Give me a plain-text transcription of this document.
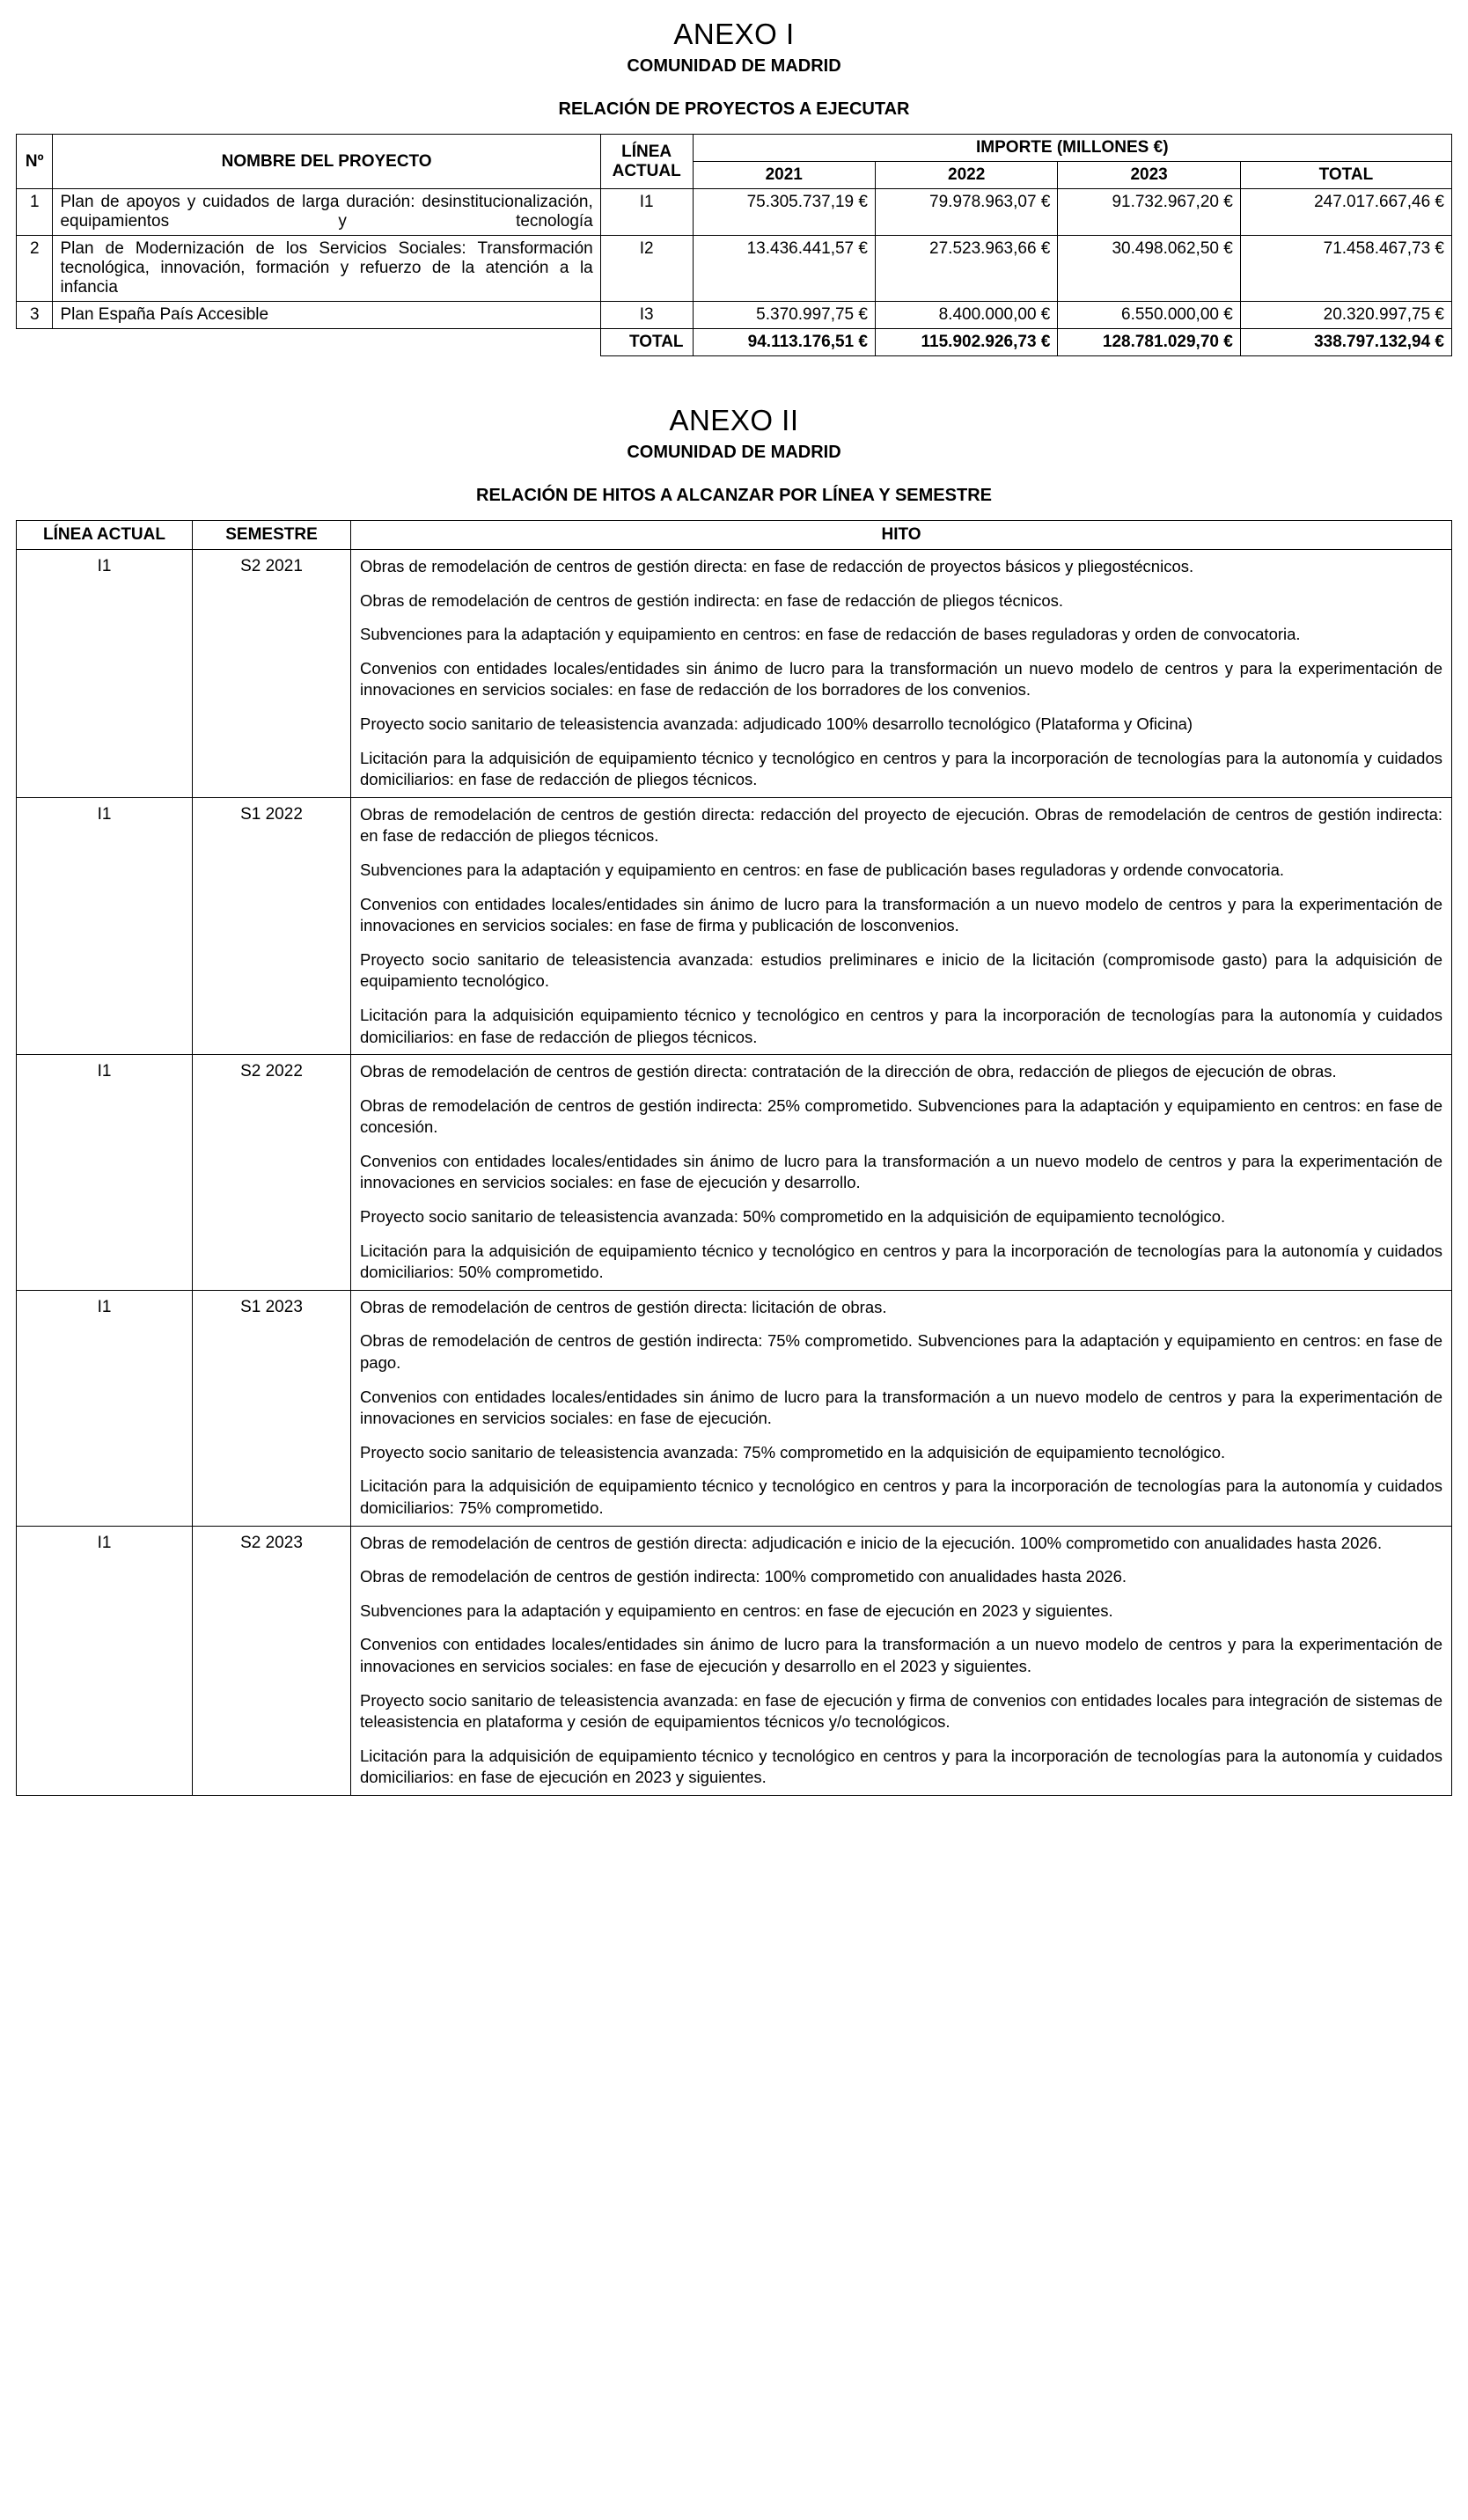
ANEXO I
COMUNIDAD DE MADRID
RELACIÓN DE PROYECTOS A EJECUTAR
Nº	NOMBRE DEL PROYECTO	LÍNEA ACTUAL	IMPORTE (MILLONES €)			
			2021	2022	2023	TOTAL
1	Plan de apoyos y cuidados de larga duración: desinstitucionalización, equipamientos y tecnología	I1	75.305.737,19 €	79.978.963,07 €	91.732.967,20 €	247.017.667,46 €
2	Plan de Modernización de los Servicios Sociales: Transformación tecnológica, innovación, formación y refuerzo de la atención a la infancia	I2	13.436.441,57 €	27.523.963,66 €	30.498.062,50 €	71.458.467,73 €
3	Plan España País Accesible	I3	5.370.997,75 €	8.400.000,00 €	6.550.000,00 €	20.320.997,75 €
		TOTAL	94.113.176,51 €	115.902.926,73 €	128.781.029,70 €	338.797.132,94 €
ANEXO II
COMUNIDAD DE MADRID
RELACIÓN DE HITOS A ALCANZAR POR LÍNEA Y SEMESTRE
LÍNEA ACTUAL	SEMESTRE	HITO
I1	S2 2021	Obras de remodelación de centros de gestión directa: en fase de redacción de proyectos básicos y pliegostécnicos.
Obras de remodelación de centros de gestión indirecta: en fase de redacción de pliegos técnicos.
Subvenciones para la adaptación y equipamiento en centros: en fase de redacción de bases reguladoras y orden de convocatoria.
Convenios con entidades locales/entidades sin ánimo de lucro para la transformación un nuevo modelo de centros y para la experimentación de innovaciones en servicios sociales: en fase de redacción de los borradores de los convenios.
Proyecto socio sanitario de teleasistencia avanzada: adjudicado 100% desarrollo tecnológico (Plataforma y Oficina)
Licitación para la adquisición de equipamiento técnico y tecnológico en centros y para la incorporación de tecnologías para la autonomía y cuidados domiciliarios: en fase de redacción de pliegos técnicos.

I1	S1 2022	Obras de remodelación de centros de gestión directa: redacción del proyecto de ejecución. Obras de remodelación de centros de gestión indirecta: en fase de redacción de pliegos técnicos.
Subvenciones para la adaptación y equipamiento en centros: en fase de publicación bases reguladoras y ordende convocatoria.
Convenios con entidades locales/entidades sin ánimo de lucro para la transformación a un nuevo modelo de centros y para la experimentación de innovaciones en servicios sociales: en fase de firma y publicación de losconvenios.
Proyecto socio sanitario de teleasistencia avanzada: estudios preliminares e inicio de la licitación (compromisode gasto) para la adquisición de equipamiento tecnológico.
Licitación para la adquisición equipamiento técnico y tecnológico en centros y para la incorporación de tecnologías para la autonomía y cuidados domiciliarios: en fase de redacción de pliegos técnicos.

I1	S2 2022	Obras de remodelación de centros de gestión directa: contratación de la dirección de obra, redacción de pliegos de ejecución de obras.
Obras de remodelación de centros de gestión indirecta: 25% comprometido. Subvenciones para la adaptación y equipamiento en centros: en fase de concesión.
Convenios con entidades locales/entidades sin ánimo de lucro para la transformación a un nuevo modelo de centros y para la experimentación de innovaciones en servicios sociales: en fase de ejecución y desarrollo.
Proyecto socio sanitario de teleasistencia avanzada: 50% comprometido en la adquisición de equipamiento tecnológico.
Licitación para la adquisición de equipamiento técnico y tecnológico en centros y para la incorporación de tecnologías para la autonomía y cuidados domiciliarios: 50% comprometido.

I1	S1 2023	Obras de remodelación de centros de gestión directa: licitación de obras.
Obras de remodelación de centros de gestión indirecta: 75% comprometido. Subvenciones para la adaptación y equipamiento en centros: en fase de pago.
Convenios con entidades locales/entidades sin ánimo de lucro para la transformación a un nuevo modelo de centros y para la experimentación de innovaciones en servicios sociales: en fase de ejecución.
Proyecto socio sanitario de teleasistencia avanzada: 75% comprometido en la adquisición de equipamiento tecnológico.
Licitación para la adquisición de equipamiento técnico y tecnológico en centros y para la incorporación de tecnologías para la autonomía y cuidados domiciliarios: 75% comprometido.

I1	S2 2023	Obras de remodelación de centros de gestión directa: adjudicación e inicio de la ejecución. 100% comprometido con anualidades hasta 2026.
Obras de remodelación de centros de gestión indirecta: 100% comprometido con anualidades hasta 2026.
Subvenciones para la adaptación y equipamiento en centros: en fase de ejecución en 2023 y siguientes.
Convenios con entidades locales/entidades sin ánimo de lucro para la transformación a un nuevo modelo de centros y para la experimentación de innovaciones en servicios sociales: en fase de ejecución y desarrollo en el 2023 y siguientes.
Proyecto socio sanitario de teleasistencia avanzada: en fase de ejecución y firma de convenios con entidades locales para integración de sistemas de teleasistencia en plataforma y cesión de equipamientos técnicos y/o tecnológicos.
Licitación para la adquisición de equipamiento técnico y tecnológico en centros y para la incorporación de tecnologías para la autonomía y cuidados domiciliarios: en fase de ejecución en 2023 y siguientes.
